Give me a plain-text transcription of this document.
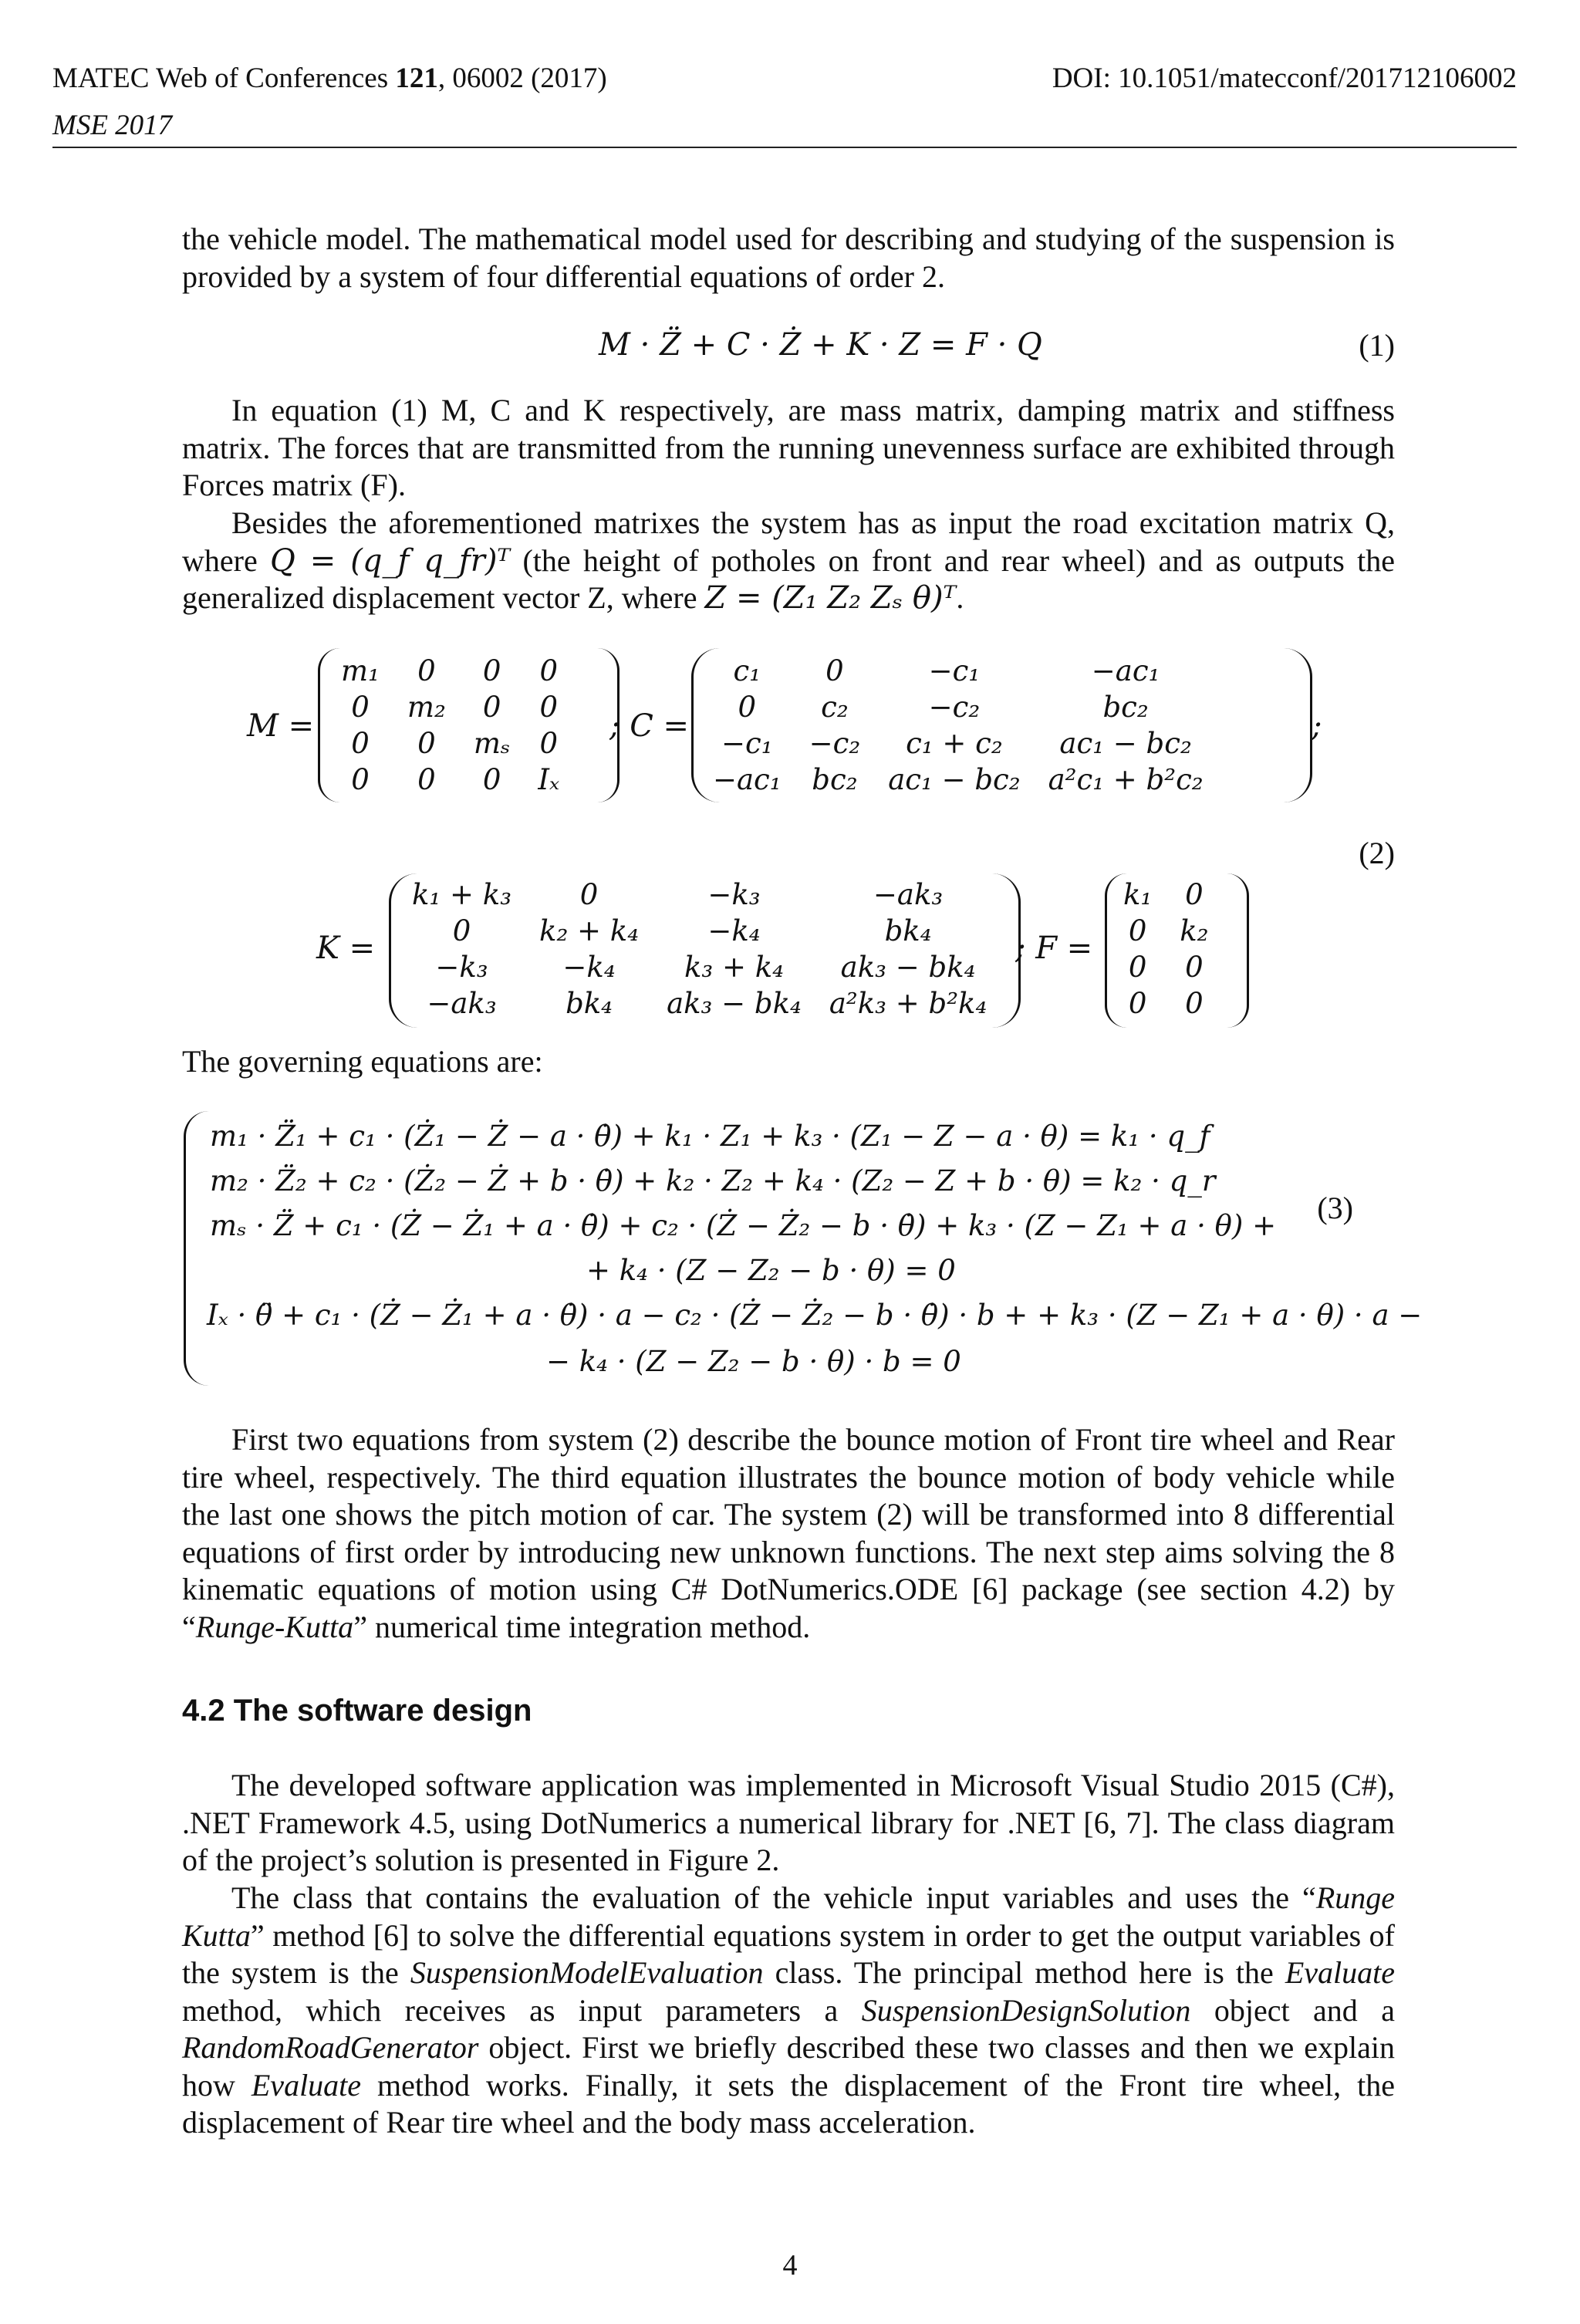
MATEC Web of Conferences 121, 06002 (2017)	DOI: 10.1051/matecconf/201712106002
MSE 2017

the vehicle model. The mathematical model used for describing and studying of the suspension is provided by a system of four differential equations of order 2.

M · Z̈ + C · Ż + K · Z = F · Q	(1)

In equation (1) M, C and K respectively, are mass matrix, damping matrix and stiffness matrix. The forces that are transmitted from the running unevenness surface are exhibited through Forces matrix (F).

Besides the aforementioned matrixes the system has as input the road excitation matrix Q, where Q = (q_f q_fr)ᵀ (the height of potholes on front and rear wheel) and as outputs the generalized displacement vector Z, where Z = (Z₁ Z₂ Zₛ θ)ᵀ.

M =
m₁	0	0	0
0	m₂	0	0
0	0	mₛ	0
0	0	0	Iₓ
; C =
c₁	0	−c₁	−ac₁
0	c₂	−c₂	bc₂
−c₁	−c₂	c₁ + c₂	ac₁ − bc₂
−ac₁	bc₂	ac₁ − bc₂	a²c₁ + b²c₂
;
(2)
K =
k₁ + k₃	0	−k₃	−ak₃
0	k₂ + k₄	−k₄	bk₄
−k₃	−k₄	k₃ + k₄	ak₃ − bk₄
−ak₃	bk₄	ak₃ − bk₄	a²k₃ + b²k₄
; F =
k₁	0
0	k₂
0	0
0	0

The governing equations are:

m₁ · Z̈₁ + c₁ · (Ż₁ − Ż − a · θ̇) + k₁ · Z₁ + k₃ · (Z₁ − Z − a · θ) = k₁ · q_f
m₂ · Z̈₂ + c₂ · (Ż₂ − Ż + b · θ̇) + k₂ · Z₂ + k₄ · (Z₂ − Z + b · θ) = k₂ · q_r
mₛ · Z̈ + c₁ · (Ż − Ż₁ + a · θ̇) + c₂ · (Ż − Ż₂ − b · θ̇) + k₃ · (Z − Z₁ + a · θ) +
+ k₄ · (Z − Z₂ − b · θ) = 0
Iₓ · θ̈ + c₁ · (Ż − Ż₁ + a · θ̇) · a − c₂ · (Ż − Ż₂ − b · θ̇) · b + + k₃ · (Z − Z₁ + a · θ) · a −
− k₄ · (Z − Z₂ − b · θ) · b = 0
(3)

First two equations from system (2) describe the bounce motion of Front tire wheel and Rear tire wheel, respectively. The third equation illustrates the bounce motion of body vehicle while the last one shows the pitch motion of car. The system (2) will be transformed into 8 differential equations of first order by introducing new unknown functions. The next step aims solving the 8 kinematic equations of motion using C# DotNumerics.ODE [6] package (see section 4.2) by “Runge-Kutta” numerical time integration method.

4.2 The software design

The developed software application was implemented in Microsoft Visual Studio 2015 (C#), .NET Framework 4.5, using DotNumerics a numerical library for .NET [6, 7]. The class diagram of the project’s solution is presented in Figure 2.

The class that contains the evaluation of the vehicle input variables and uses the “Runge Kutta” method [6] to solve the differential equations system in order to get the output variables of the system is the SuspensionModelEvaluation class. The principal method here is the Evaluate method, which receives as input parameters a SuspensionDesignSolution object and a RandomRoadGenerator object. First we briefly described these two classes and then we explain how Evaluate method works. Finally, it sets the displacement of the Front tire wheel, the displacement of Rear tire wheel and the body mass acceleration.

4
